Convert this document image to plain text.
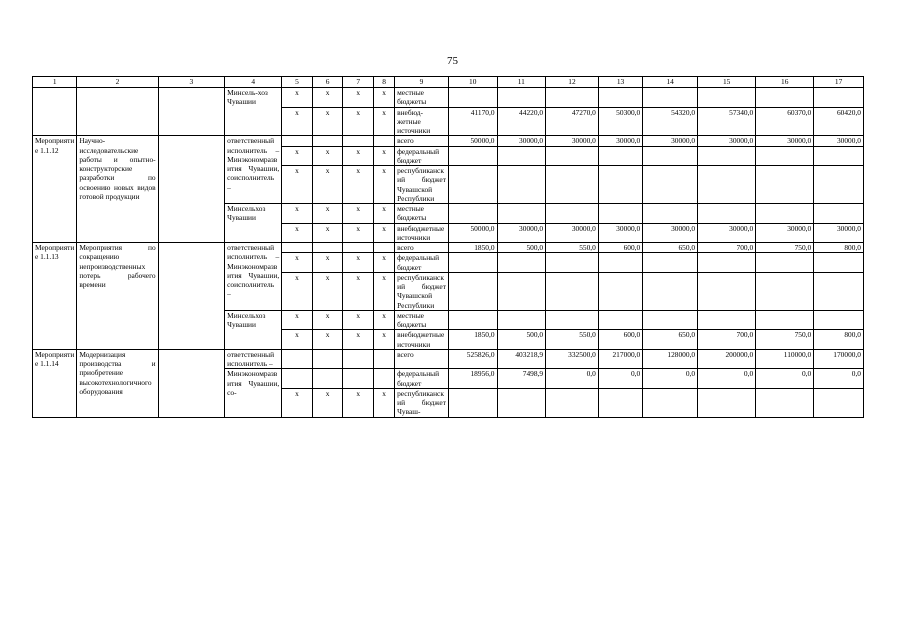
75
1	2	3	4	5	6	7	8	9	10	11	12	13	14	15	16	17
			Минсель-хоз Чувашии	x	x	x	x	местные бюджеты								
				x	x	x	x	внебюд-жетные источники	41170,0	44220,0	47270,0	50300,0	54320,0	57340,0	60370,0	60420,0
Мероприятие 1.1.12	Научно-исследовательские работы и опытно-конструкторские разработки по освоению новых видов готовой продукции		ответственный исполнитель – Минэкономразвития Чувашии, соисполнитель –					всего	50000,0	30000,0	30000,0	30000,0	30000,0	30000,0	30000,0	30000,0
				x	x	x	x	федеральный бюджет								
				x	x	x	x	республиканский бюджет Чувашской Республики								
			Минсельхоз Чувашии	x	x	x	x	местные бюджеты								
				x	x	x	x	внебюджетные источники	50000,0	30000,0	30000,0	30000,0	30000,0	30000,0	30000,0	30000,0
Мероприятие 1.1.13	Мероприятия по сокращению непроизводственных потерь рабочего времени		ответственный исполнитель – Минэкономразвития Чувашии, соисполнитель –					всего	1850,0	500,0	550,0	600,0	650,0	700,0	750,0	800,0
				x	x	x	x	федеральный бюджет								
				x	x	x	x	республиканский бюджет Чувашской Республики								
			Минсельхоз Чувашии	x	x	x	x	местные бюджеты								
				x	x	x	x	внебюджетные источники	1850,0	500,0	550,0	600,0	650,0	700,0	750,0	800,0
Мероприятие 1.1.14	Модернизация производства и приобретение высокотехнологичного оборудования		ответственный исполнитель –					всего	525826,0	403218,9	332500,0	217000,0	128000,0	200000,0	110000,0	170000,0
			Минэкономразвития Чувашии, со-					федеральный бюджет	18956,0	7498,9	0,0	0,0	0,0	0,0	0,0	0,0
				x	x	x	x	республиканский бюджет Чуваш-								
